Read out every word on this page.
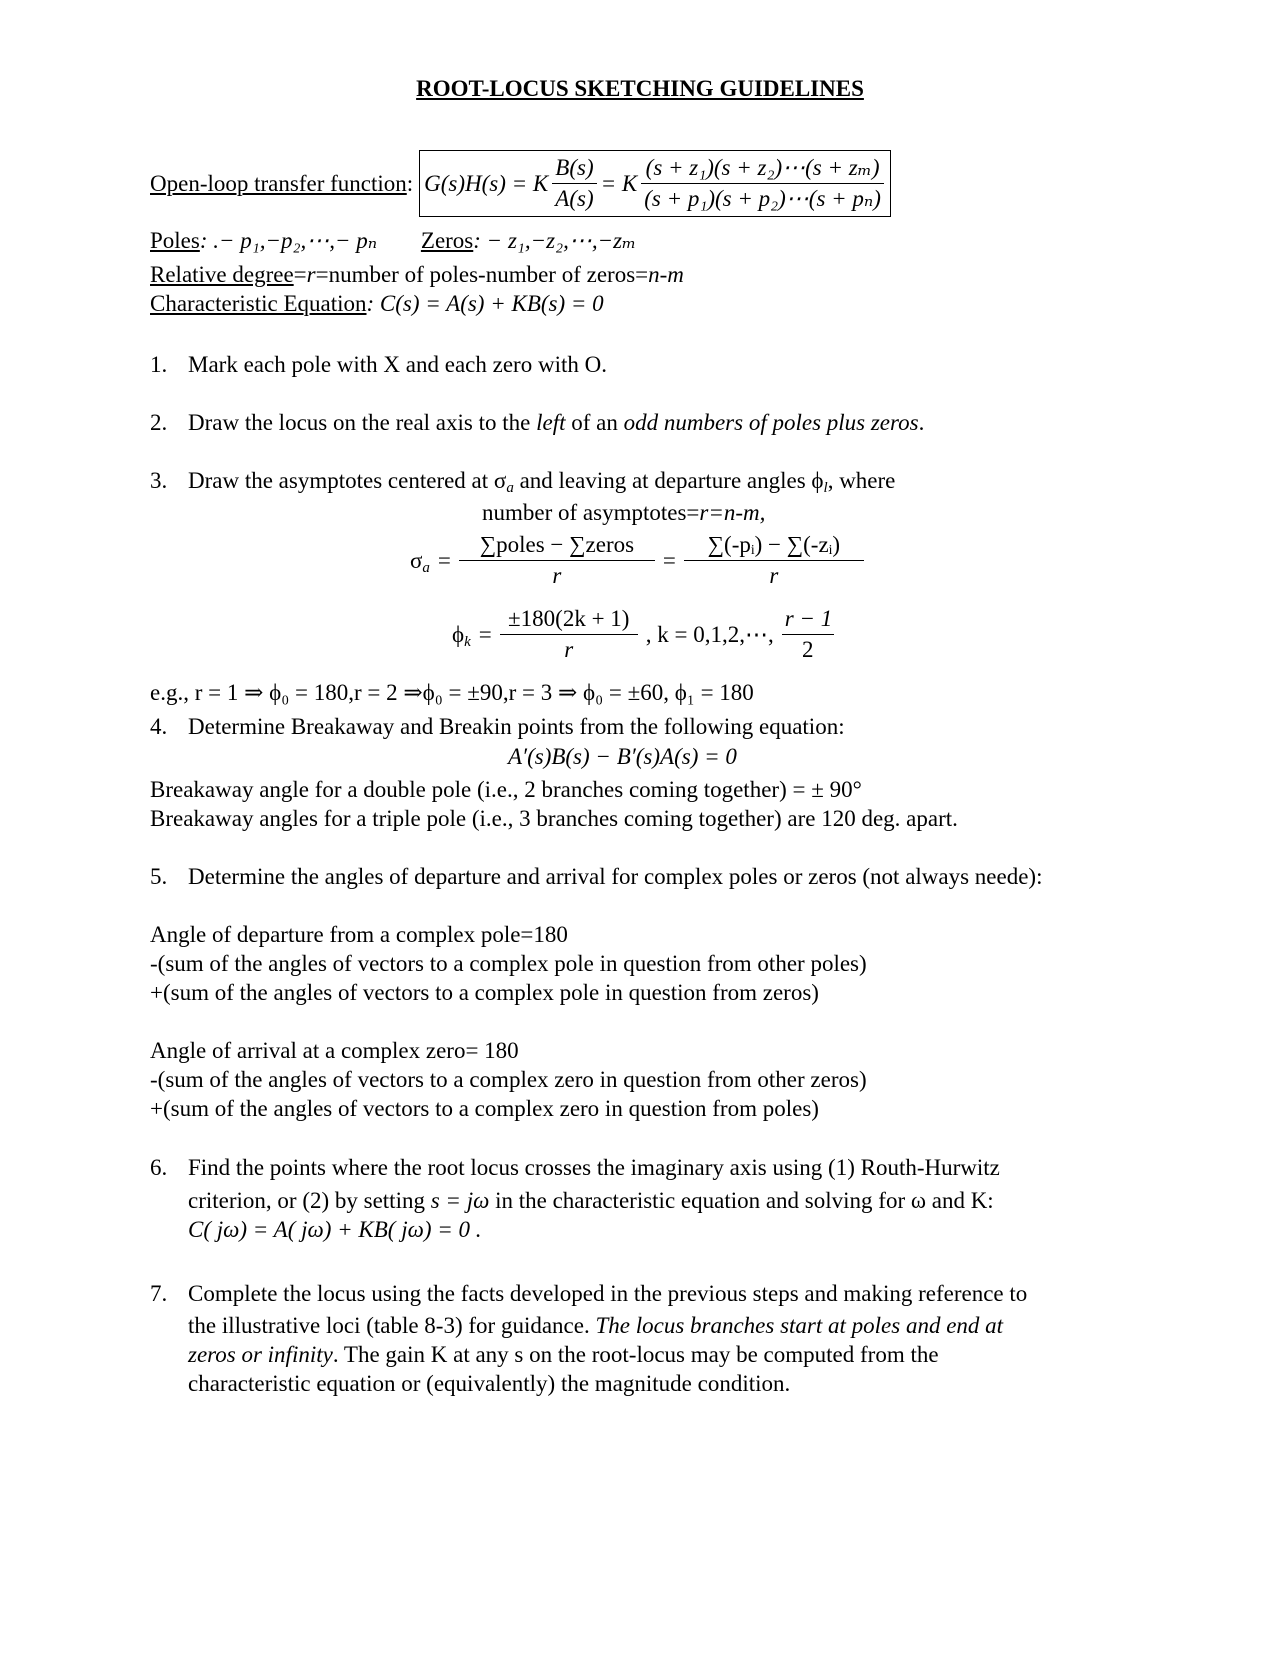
ROOT-LOCUS SKETCHING GUIDELINES
Open-loop transfer function : G(s)H(s) = K $\frac{B(s)}{A(s)} = K \frac{\text{(s + z₁)(s + z₂)⋯(s + zₘ)}}{\text{(s + p₁)(s + p₂)⋯(s + pₙ)}}$
Poles: .− p₁,−p₂,⋯,− pₙ Zeros: − z₁,−z₂,⋯,−zₘ
Relative degree=r=number of poles-number of zeros=n-m
Characteristic Equation: C(s) = A(s) + KB(s) = 0
1. Mark each pole with X and each zero with O.
2. Draw the locus on the real axis to the left of an odd numbers of poles plus zeros.
3. Draw the asymptotes centered at $\sigma_a$ and leaving at departure angles $\phi_l$, where
number of asymptotes=r=n-m,
$\sigma_a = \frac{\text{∑poles − ∑zeros}}{r} = \frac{\text{∑(-pᵢ) − ∑(-zᵢ)}}{r}$
$\phi_k = \frac{\pm 180(2k + 1)}{r}$ , k = 0,1,2,⋯, $\frac{r - 1}{2}$
e.g., r = 1 ⇒ ϕ₀ = 180,r = 2 ⇒ϕ₀ = ±90,r = 3 ⇒ ϕ₀ = ±60, ϕ₁ = 180
4. Determine Breakaway and Breakin points from the following equation:
A′(s)B(s) − B′(s)A(s) = 0
Breakaway angle for a double pole (i.e., 2 branches coming together) = ± 90°
Breakaway angles for a triple pole (i.e., 3 branches coming together) are 120 deg. apart.
5. Determine the angles of departure and arrival for complex poles or zeros (not always neede):
Angle of departure from a complex pole=180
-(sum of the angles of vectors to a complex pole in question from other poles)
+(sum of the angles of vectors to a complex pole in question from zeros)
Angle of arrival at a complex zero= 180
-(sum of the angles of vectors to a complex zero in question from other zeros)
+(sum of the angles of vectors to a complex zero in question from poles)
6. Find the points where the root locus crosses the imaginary axis using (1) Routh-Hurwitz
criterion, or (2) by setting s = jω in the characteristic equation and solving for ω and K:
C( jω) = A( jω) + KB( jω) = 0 .
7. Complete the locus using the facts developed in the previous steps and making reference to
the illustrative loci (table 8-3) for guidance. The locus branches start at poles and end at
zeros or infinity. The gain K at any s on the root-locus may be computed from the
characteristic equation or (equivalently) the magnitude condition.
